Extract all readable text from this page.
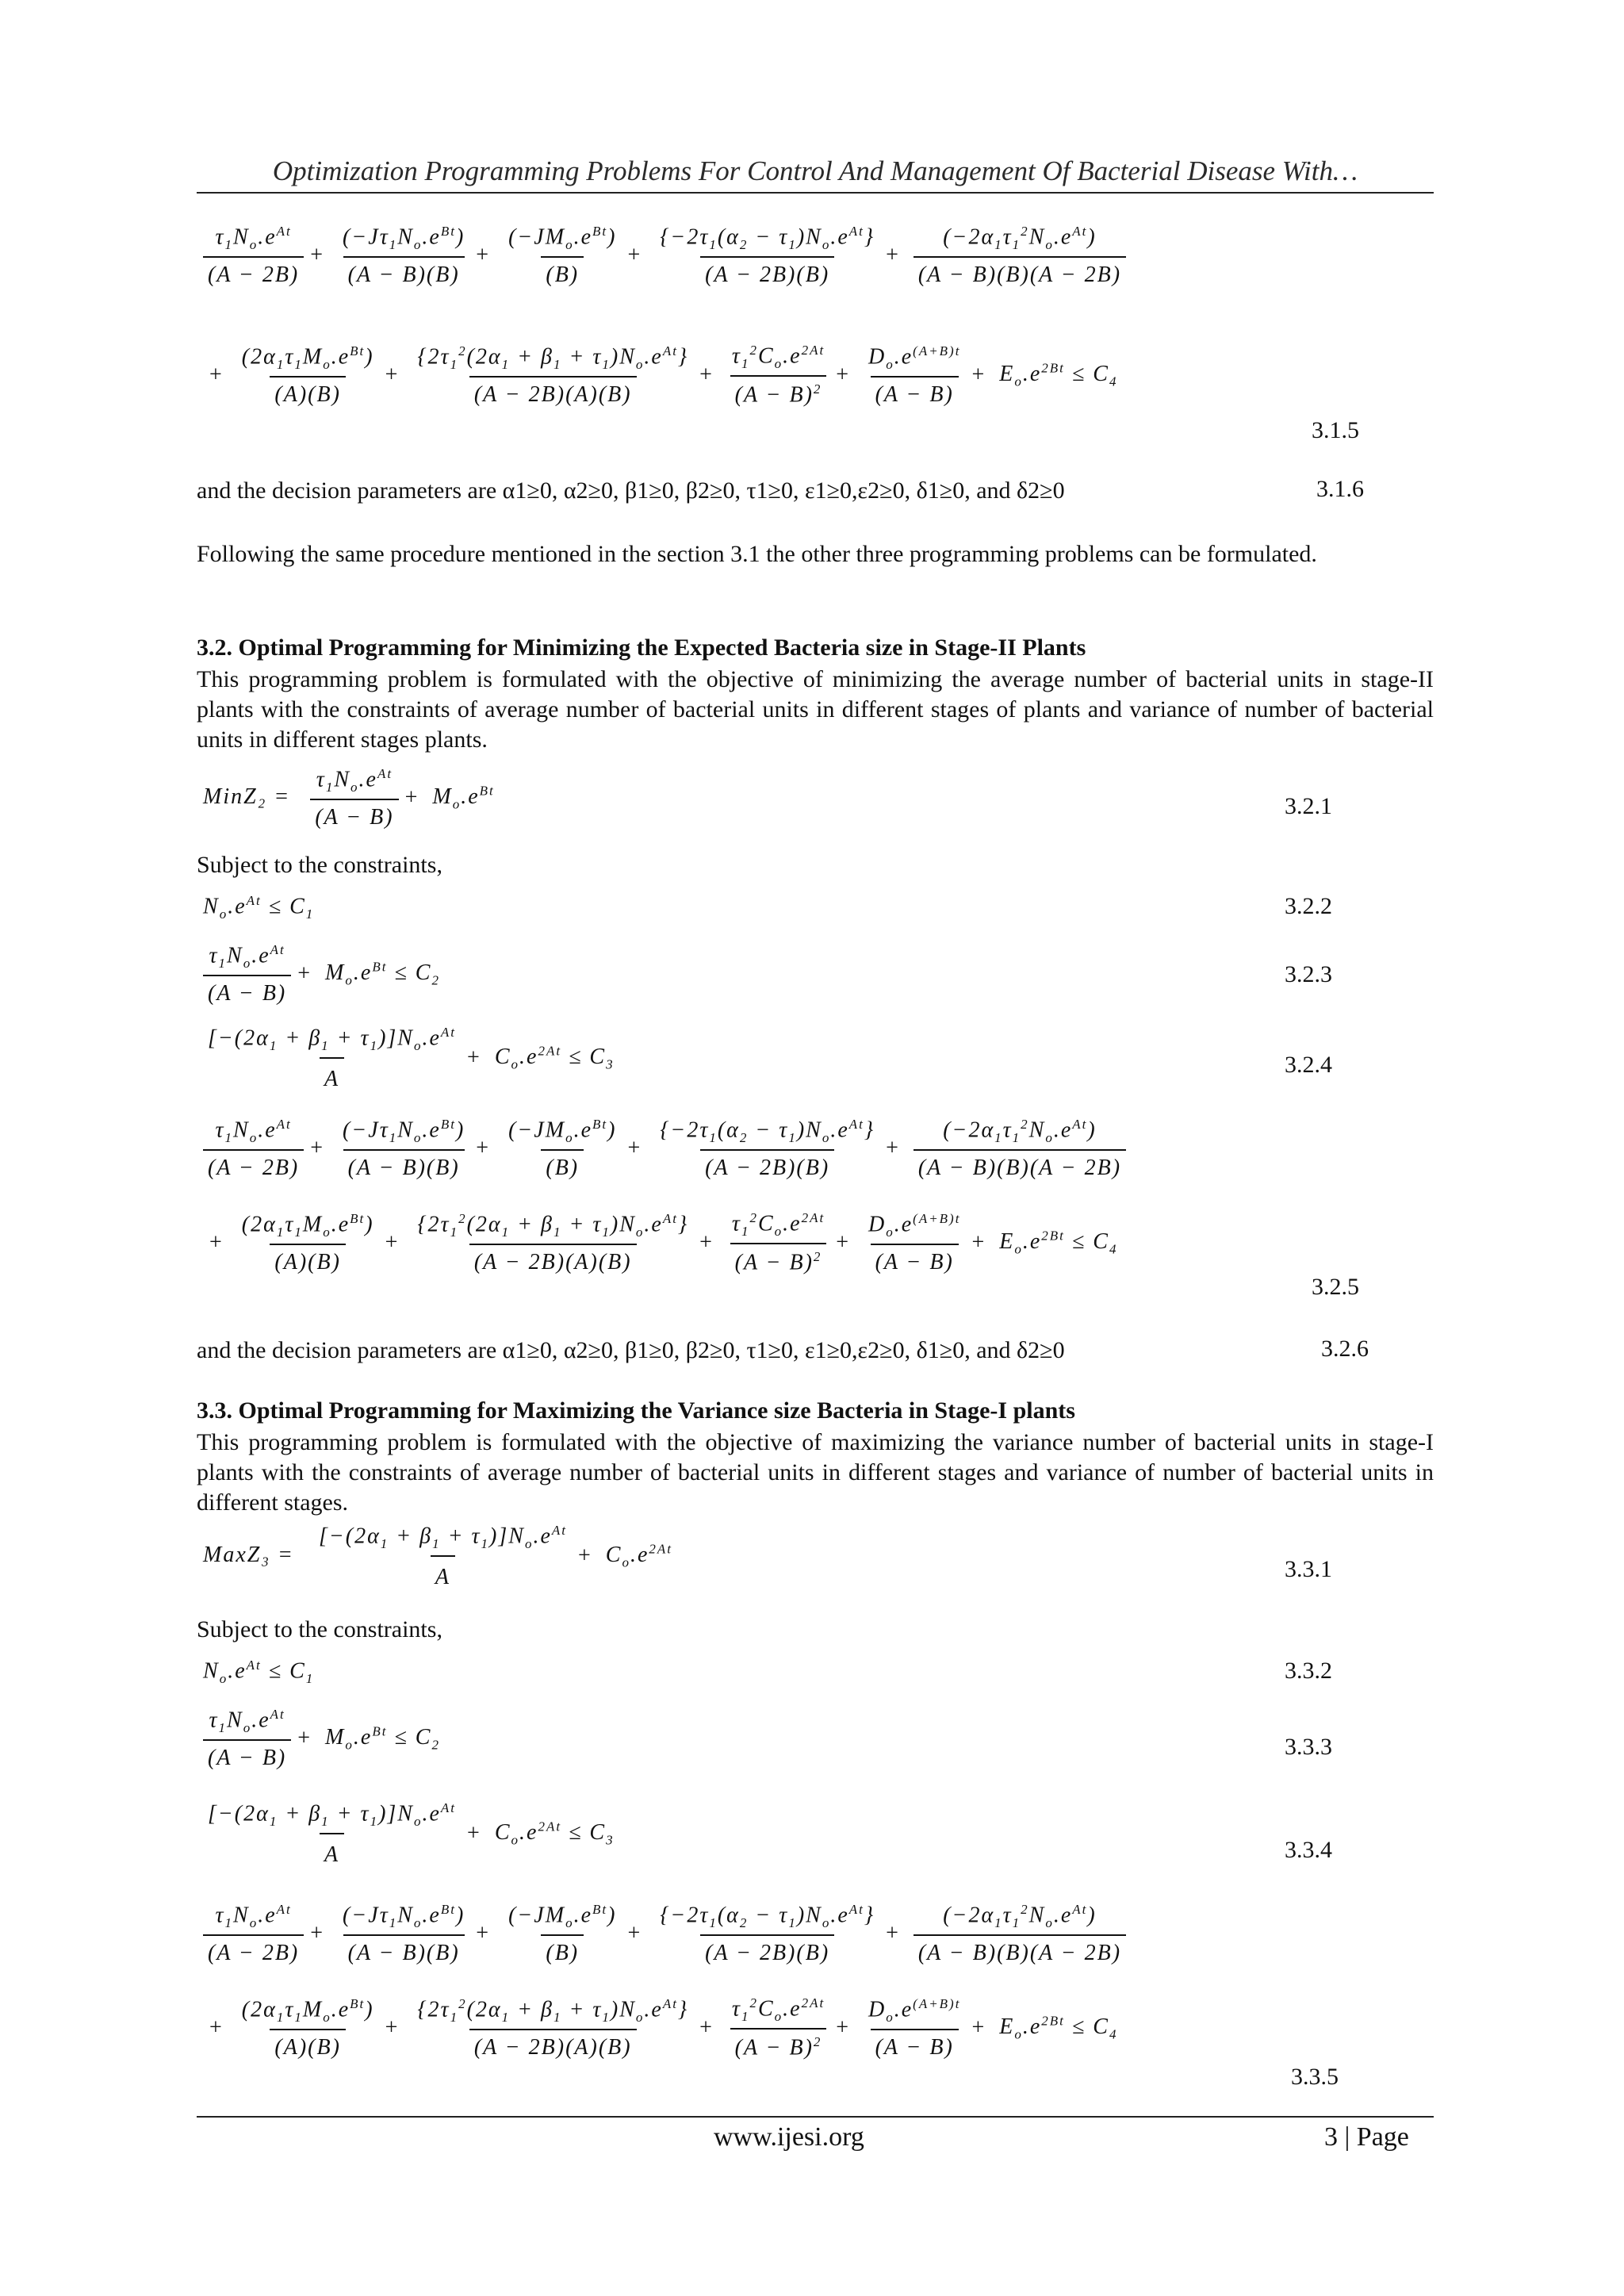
Optimization Programming Problems For Control And Management Of Bacterial Disease With…
$\frac{\tau_1N_o.e^{At}}{(A - 2B)} + \frac{(-J\tau_1N_o.e^{Bt})}{(A - B)(B)} + \frac{(-JM_o.e^{Bt})}{(B)} + \frac{\{-2\tau_1(\alpha_2 - \tau_1)N_o.e^{At}\}}{(A - 2B)(B)} + \frac{(-2\alpha_1\tau_1^2N_o.e^{At})}{(A - B)(B)(A - 2B)}$
+ $\frac{(2\alpha_1\tau_1M_o.e^{Bt})}{(A)(B)} + \frac{\{2\tau_1^2(2\alpha_1 + \beta_1 + \tau_1)N_o.e^{At}\}}{(A - 2B)(A)(B)} + \frac{\tau_1^2C_o.e^{2At}}{(A - B)^2} + \frac{D_o.e^{(A+B)t}}{(A - B)} + E_o.e^{2Bt} \le C_4$
3.1.5
and the decision parameters are α1≥0, α2≥0, β1≥0, β2≥0, τ1≥0, ε1≥0,ε2≥0, δ1≥0, and δ2≥0	3.1.6
Following the same procedure mentioned in the section 3.1 the other three programming problems can be formulated.
3.2. Optimal Programming for Minimizing the Expected Bacteria size in Stage-II Plants
This programming problem is formulated with the objective of minimizing the average number of bacterial units in stage-II plants with the constraints of average number of bacterial units in different stages of plants and variance of number of bacterial units in different stages plants.
MinZ₂ = $\frac{\tau_1N_o.e^{At}}{(A - B)} + M_o.e^{Bt}$
3.2.1
Subject to the constraints,
$N_o.e^{At} \le C_1$	3.2.2
$\frac{\tau_1N_o.e^{At}}{(A - B)} + M_o.e^{Bt} \le C_2$	3.2.3
$\frac{[-(2\alpha_1 + \beta_1 + \tau_1)]N_o.e^{At}}{A} + C_o.e^{2At} \le C_3$	3.2.4
$\frac{\tau_1N_o.e^{At}}{(A - 2B)} + \frac{(-J\tau_1N_o.e^{Bt})}{(A - B)(B)} + \frac{(-JM_o.e^{Bt})}{(B)} + \frac{\{-2\tau_1(\alpha_2 - \tau_1)N_o.e^{At}\}}{(A - 2B)(B)} + \frac{(-2\alpha_1\tau_1^2N_o.e^{At})}{(A - B)(B)(A - 2B)}$
+ $\frac{(2\alpha_1\tau_1M_o.e^{Bt})}{(A)(B)} + \frac{\{2\tau_1^2(2\alpha_1 + \beta_1 + \tau_1)N_o.e^{At}\}}{(A - 2B)(A)(B)} + \frac{\tau_1^2C_o.e^{2At}}{(A - B)^2} + \frac{D_o.e^{(A+B)t}}{(A - B)} + E_o.e^{2Bt} \le C_4$
3.2.5
and the decision parameters are α1≥0, α2≥0, β1≥0, β2≥0, τ1≥0, ε1≥0,ε2≥0, δ1≥0, and δ2≥0	3.2.6
3.3. Optimal Programming for Maximizing the Variance size Bacteria in Stage-I plants
This programming problem is formulated with the objective of maximizing the variance number of bacterial units in stage-I plants with the constraints of average number of bacterial units in different stages and variance of number of bacterial units in different stages.
MaxZ₃ = $\frac{[-(2\alpha_1 + \beta_1 + \tau_1)]N_o.e^{At}}{A} + C_o.e^{2At}$
3.3.1
Subject to the constraints,
$N_o.e^{At} \le C_1$	3.3.2
$\frac{\tau_1N_o.e^{At}}{(A - B)} + M_o.e^{Bt} \le C_2$	3.3.3
$\frac{[-(2\alpha_1 + \beta_1 + \tau_1)]N_o.e^{At}}{A} + C_o.e^{2At} \le C_3$	3.3.4
$\frac{\tau_1N_o.e^{At}}{(A - 2B)} + \frac{(-J\tau_1N_o.e^{Bt})}{(A - B)(B)} + \frac{(-JM_o.e^{Bt})}{(B)} + \frac{\{-2\tau_1(\alpha_2 - \tau_1)N_o.e^{At}\}}{(A - 2B)(B)} + \frac{(-2\alpha_1\tau_1^2N_o.e^{At})}{(A - B)(B)(A - 2B)}$
+ $\frac{(2\alpha_1\tau_1M_o.e^{Bt})}{(A)(B)} + \frac{\{2\tau_1^2(2\alpha_1 + \beta_1 + \tau_1)N_o.e^{At}\}}{(A - 2B)(A)(B)} + \frac{\tau_1^2C_o.e^{2At}}{(A - B)^2} + \frac{D_o.e^{(A+B)t}}{(A - B)} + E_o.e^{2Bt} \le C_4$
3.3.5
www.ijesi.org	3 | Page
